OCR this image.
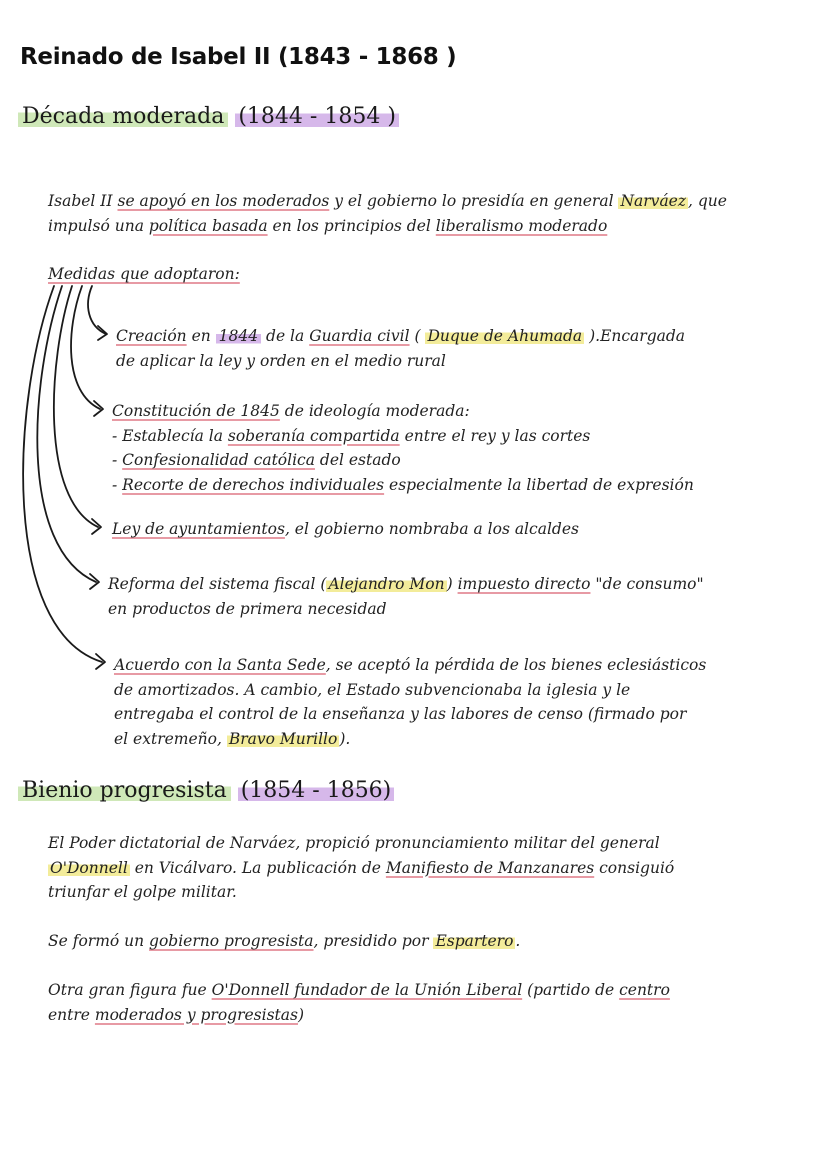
Reinado de Isabel II (1843 - 1868 )
Década moderada (1844 - 1854 )
Isabel II se apoyó en los moderados y el gobierno lo presidía en general Narváez , que
impulsó una política basada en los principios del liberalismo moderado
Medidas que adoptaron:
Creación en 1844 de la Guardia civil ( Duque de Ahumada ).Encargada
de aplicar la ley y orden en el medio rural
Constitución de 1845 de ideología moderada:
- Establecía la soberanía compartida entre el rey y las cortes
- Confesionalidad católica del estado
- Recorte de derechos individuales especialmente la libertad de expresión
Ley de ayuntamientos, el gobierno nombraba a los alcaldes
Reforma del sistema fiscal ( Alejandro Mon ) impuesto directo "de consumo"
en productos de primera necesidad
Acuerdo con la Santa Sede, se aceptó la pérdida de los bienes eclesiásticos
de amortizados. A cambio, el Estado subvencionaba la iglesia y le
entregaba el control de la enseñanza y las labores de censo (firmado por
el extremeño, Bravo Murillo ).
Bienio progresista (1854 - 1856)
El Poder dictatorial de Narváez, propició pronunciamiento militar del general
O'Donnell en Vicálvaro. La publicación de Manifiesto de Manzanares consiguió
triunfar el golpe militar.
Se formó un gobierno progresista, presidido por Espartero .
Otra gran figura fue O'Donnell fundador de la Unión Liberal (partido de centro
entre moderados y progresistas)
